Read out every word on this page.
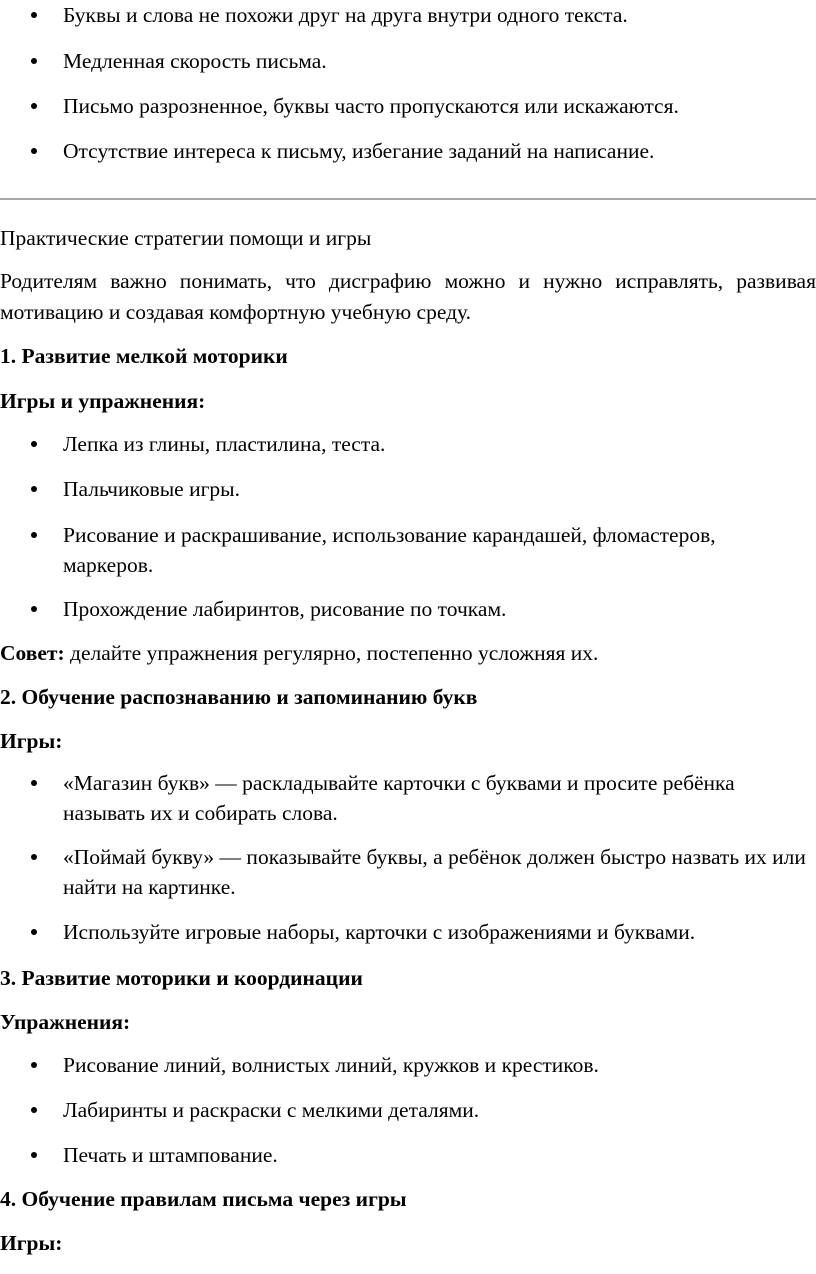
Буквы и слова не похожи друг на друга внутри одного текста.
Медленная скорость письма.
Письмо разрозненное, буквы часто пропускаются или искажаются.
Отсутствие интереса к письму, избегание заданий на написание.

Практические стратегии помощи и игры

Родителям важно понимать, что дисграфию можно и нужно исправлять, развивая мотивацию и создавая комфортную учебную среду.

1. Развитие мелкой моторики

Игры и упражнения:

Лепка из глины, пластилина, теста.
Пальчиковые игры.
Рисование и раскрашивание, использование карандашей, фломастеров, маркеров.
Прохождение лабиринтов, рисование по точкам.

Совет: делайте упражнения регулярно, постепенно усложняя их.

2. Обучение распознаванию и запоминанию букв

Игры:

«Магазин букв» — раскладывайте карточки с буквами и просите ребёнка называть их и собирать слова.
«Поймай букву» — показывайте буквы, а ребёнок должен быстро назвать их или найти на картинке.
Используйте игровые наборы, карточки с изображениями и буквами.

3. Развитие моторики и координации

Упражнения:

Рисование линий, волнистых линий, кружков и крестиков.
Лабиринты и раскраски с мелкими деталями.
Печать и штампование.

4. Обучение правилам письма через игры

Игры:
